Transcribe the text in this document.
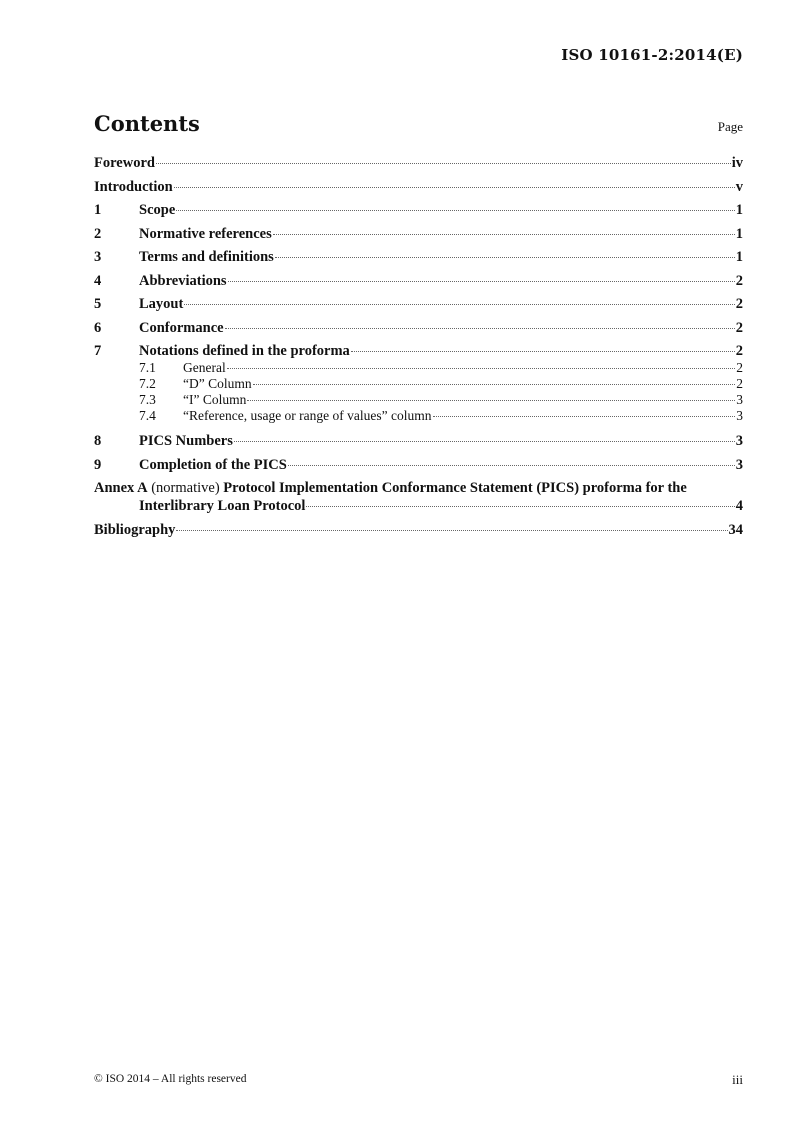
ISO 10161-2:2014(E)
Contents	Page
Foreword	iv
Introduction	v
1	Scope	1
2	Normative references	1
3	Terms and definitions	1
4	Abbreviations	2
5	Layout	2
6	Conformance	2
7	Notations defined in the proforma	2
7.1	General	2
7.2	“D” Column	2
7.3	“I” Column	3
7.4	“Reference, usage or range of values” column	3
8	PICS Numbers	3
9	Completion of the PICS	3
Annex A (normative) Protocol Implementation Conformance Statement (PICS) proforma for the
Interlibrary Loan Protocol	4
Bibliography	34
© ISO 2014 – All rights reserved	iii
